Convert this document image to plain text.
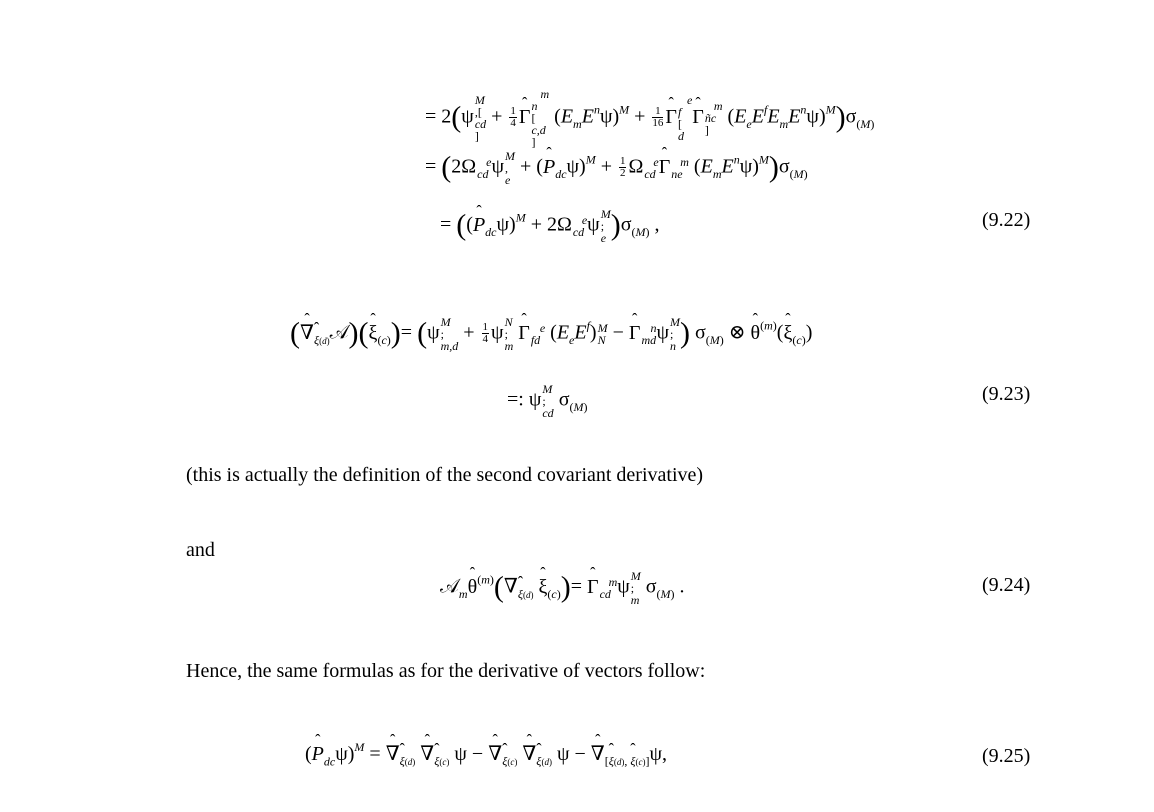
= 2(ψ
M
,[
cd
]
+ $\frac{1}{4}$ ˆ Γ
m
n
[
c,d
]
$(E_mE^n\psi)^M + \frac{1}{16}$ ˆ Γ
e
f
[
d
ˆ Γ m
ñc
]
$(E_eE^fE_mE^n\psi)^M)\sigma_{(M)}$
= (2Ω e
cd ψ M
,
e
+ (ˆ $P_{dc}\psi)^M + \frac{1}{2}$ Ω e
cd ˆ Γ m
ne $(E_mE^n\psi)^M)\sigma_{(M)}$
= ((ˆ $P_{dc}\psi)^M + 2\Omega$ e
cd ψ M
;
e )$\sigma_{(M)}$ ,	(9.22)
(ˆ $\nabla_{\xi(d)}𝒜)(ˆ$ $\xi_{(c)})= (\psi$ M
;
m,d
+ $\frac{1}{4}$ ψ N
;
m
ˆ Γ e
fd $(E_eE^f)$ M
N − ˆ Γ n
md ψ M
;
n ) $\sigma_{(M)}$ ⊗ ˆ $\theta^{(m)}(ˆ$ $\xi_{(c)}$)
=: ψ M
;
cd
$\sigma_{(M)}$
(9.23)
(this is actually the definition of the second covariant derivative)
and
𝒜$_m$ˆ $\theta^{(m)}(\nabla_{\xi(d)}$ ˆ $\xi_{(c)})=$ ˆ Γ m
cd ψ M
;
m
$\sigma_{(M)}$ .	(9.24)
Hence, the same formulas as for the derivative of vectors follow:
(ˆ $P_{dc}\psi)^M$ = ˆ $\nabla_{\xi(d)}$ ˆ $\nabla_{\xi(c)}$ ψ − ˆ $\nabla_{\xi(c)}$ ˆ $\nabla_{\xi(d)}$ ψ − ˆ $\nabla_{[\xi(d), \xi(c)]}\psi$,	(9.25)
